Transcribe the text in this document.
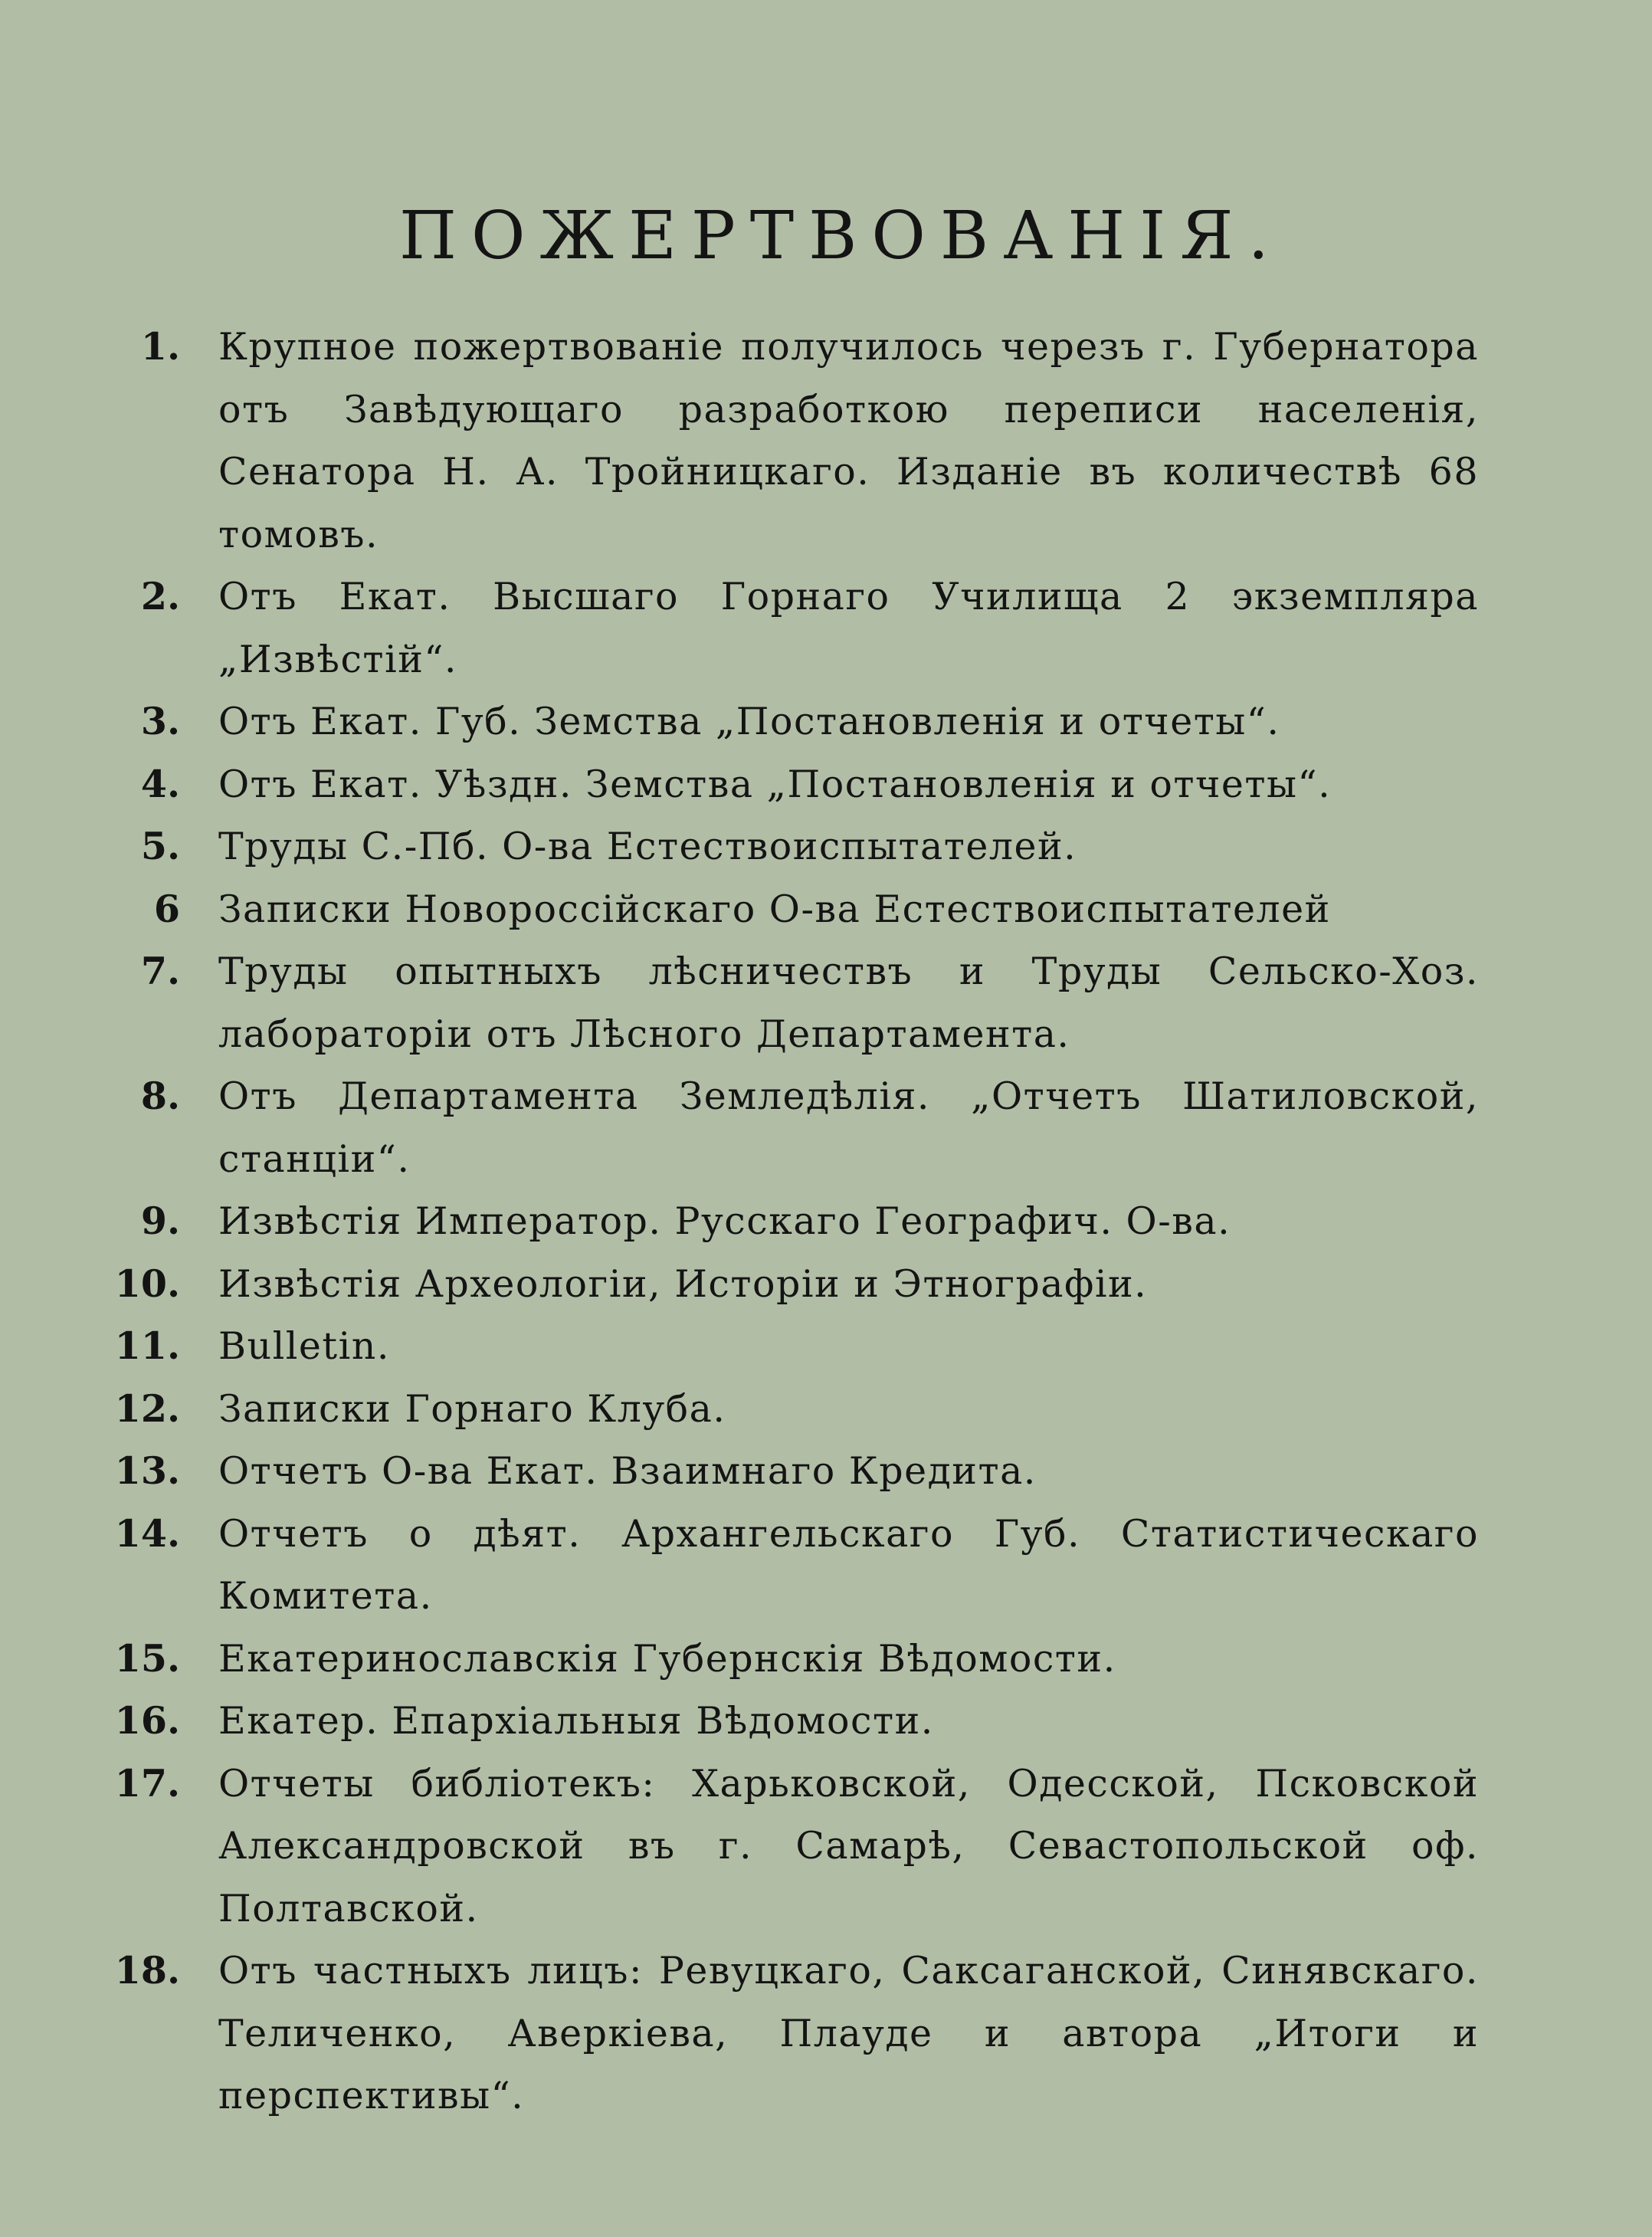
ПОЖЕРТВОВАНІЯ.
1. Крупное пожертвованіе получилось черезъ г. Губернатора отъ Завѣдующаго разработкою переписи населенія, Сенатора Н. А. Тройницкаго. Изданіе въ количествѣ 68 томовъ.
2. Отъ Екат. Высшаго Горнаго Училища 2 экземпляра „Извѣстій“.
3. Отъ Екат. Губ. Земства „Постановленія и отчеты“.
4. Отъ Екат. Уѣздн. Земства „Постановленія и отчеты“.
5. Труды С.-Пб. О-ва Естествоиспытателей.
6 Записки Новороссійскаго О-ва Естествоиспытателей
7. Труды опытныхъ лѣсничествъ и Труды Сельско-Хоз. лабораторіи отъ Лѣсного Департамента.
8. Отъ Департамента Земледѣлія. „Отчетъ Шатиловской, станціи“.
9. Извѣстія Император. Русскаго Географич. О-ва.
10. Извѣстія Археологіи, Исторіи и Этнографіи.
11. Bulletin.
12. Записки Горнаго Клуба.
13. Отчетъ О-ва Екат. Взаимнаго Кредита.
14. Отчетъ о дѣят. Архангельскаго Губ. Статистическаго Комитета.
15. Екатеринославскія Губернскія Вѣдомости.
16. Екатер. Епархіальныя Вѣдомости.
17. Отчеты библіотекъ: Харьковской, Одесской, Псковской Александровской въ г. Самарѣ, Севастопольской оф. Полтавской.
18. Отъ частныхъ лицъ: Ревуцкаго, Саксаганской, Синявскаго. Теличенко, Аверкіева, Плауде и автора „Итоги и перспективы“.
